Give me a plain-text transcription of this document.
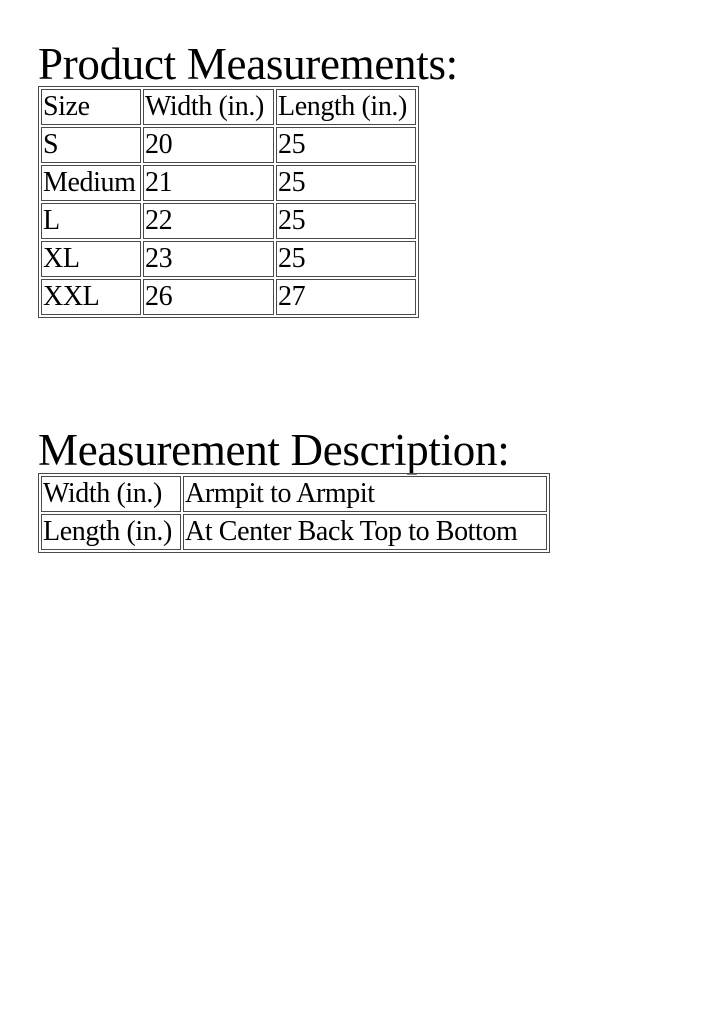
Product Measurements:
Size	Width (in.)	Length (in.)
S	20	25
Medium	21	25
L	22	25
XL	23	25
XXL	26	27
Measurement Description:
Width (in.)	Armpit to Armpit
Length (in.)	At Center Back Top to Bottom
